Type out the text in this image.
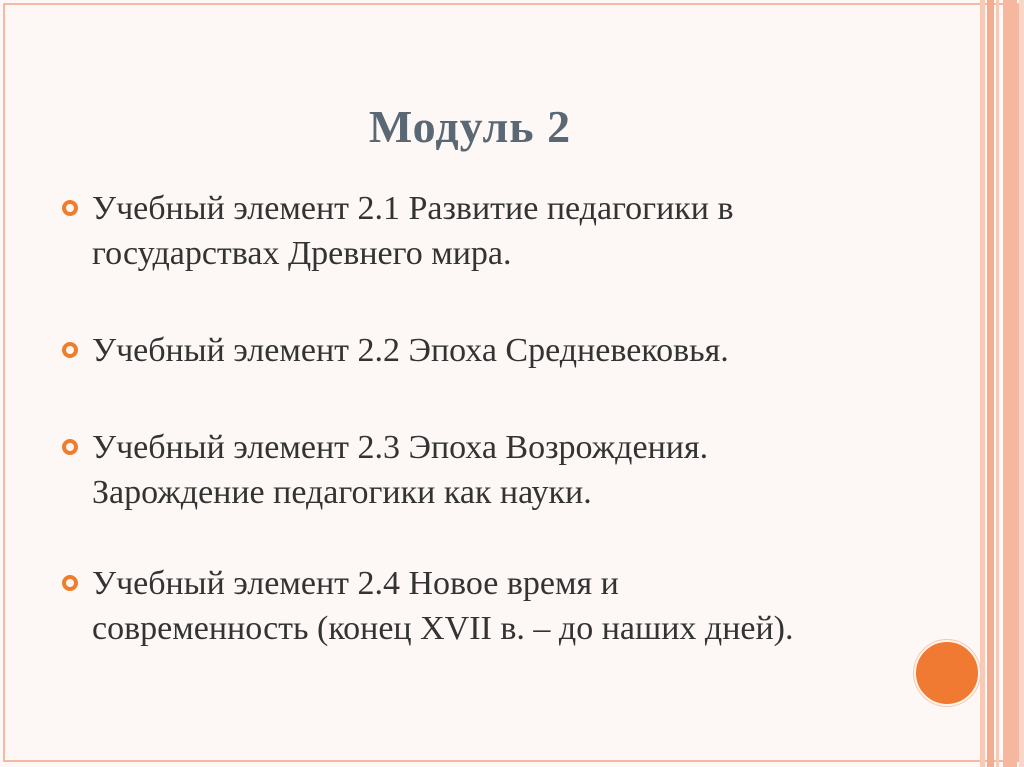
Модуль 2
Учебный элемент 2.1 Развитие педагогики в
государствах Древнего мира.
Учебный элемент 2.2 Эпоха Средневековья.
Учебный элемент 2.3 Эпоха Возрождения.
Зарождение педагогики как науки.
Учебный элемент 2.4 Новое время и
современность (конец XVII в. – до наших дней).
